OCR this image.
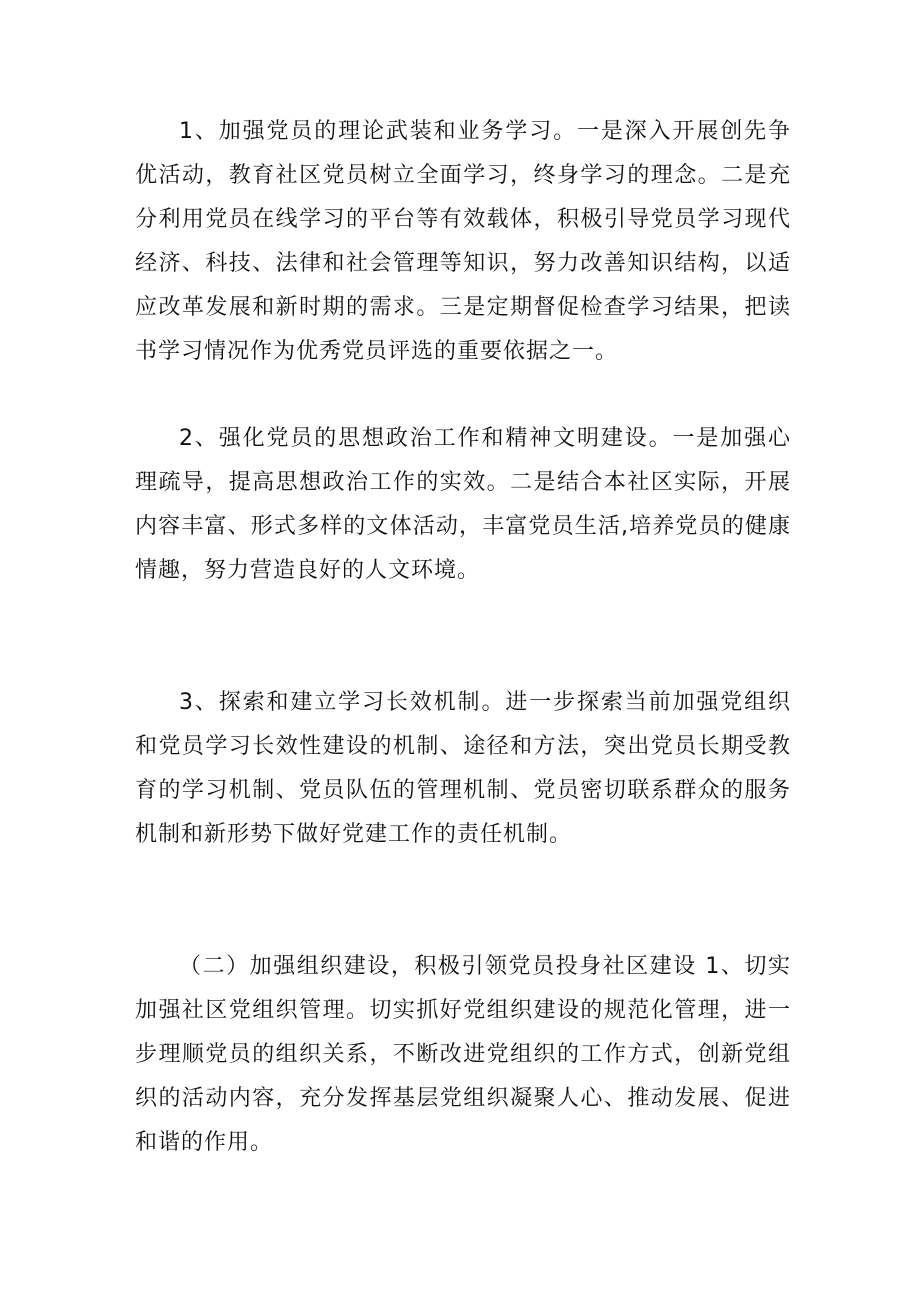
1、加强党员的理论武装和业务学习。一是深入开展创先争优活动，教育社区党员树立全面学习，终身学习的理念。二是充分利用党员在线学习的平台等有效载体，积极引导党员学习现代经济、科技、法律和社会管理等知识，努力改善知识结构，以适应改革发展和新时期的需求。三是定期督促检查学习结果，把读书学习情况作为优秀党员评选的重要依据之一。

2、强化党员的思想政治工作和精神文明建设。一是加强心理疏导，提高思想政治工作的实效。二是结合本社区实际，开展内容丰富、形式多样的文体活动，丰富党员生活,培养党员的健康情趣，努力营造良好的人文环境。

3、探索和建立学习长效机制。进一步探索当前加强党组织和党员学习长效性建设的机制、途径和方法，突出党员长期受教育的学习机制、党员队伍的管理机制、党员密切联系群众的服务机制和新形势下做好党建工作的责任机制。

（二）加强组织建设，积极引领党员投身社区建设 1、切实加强社区党组织管理。切实抓好党组织建设的规范化管理，进一步理顺党员的组织关系，不断改进党组织的工作方式，创新党组织的活动内容，充分发挥基层党组织凝聚人心、推动发展、促进和谐的作用。
